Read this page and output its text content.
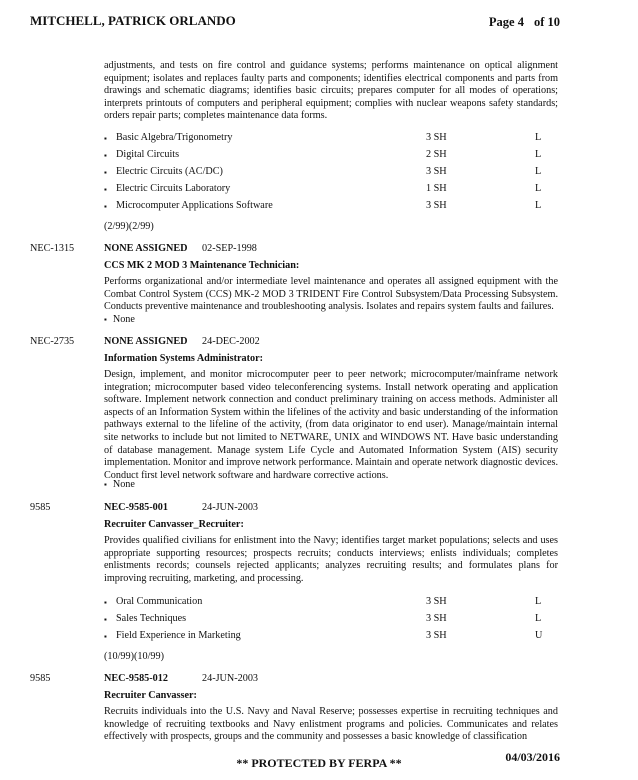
MITCHELL, PATRICK ORLANDO	Page 4 of 10

adjustments, and tests on fire control and guidance systems; performs maintenance on optical alignment equipment; isolates and replaces faulty parts and components; identifies electrical components and parts from drawings and schematic diagrams; identifies basic circuits; prepares computer for all modes of operations; interprets printouts of computers and peripheral equipment; complies with nuclear weapons safety standards; orders repair parts; completes maintenance data forms.

▪ Basic Algebra/Trigonometry	3 SH	L
▪ Digital Circuits	2 SH	L
▪ Electric Circuits (AC/DC)	3 SH	L
▪ Electric Circuits Laboratory	1 SH	L
▪ Microcomputer Applications Software	3 SH	L
(2/99)(2/99)
NEC-1315	NONE ASSIGNED 02-SEP-1998
CCS MK 2 MOD 3 Maintenance Technician:

Performs organizational and/or intermediate level maintenance and operates all assigned equipment with the Combat Control System (CCS) MK-2 MOD 3 TRIDENT Fire Control Subsystem/Data Processing Subsystem. Conducts preventive maintenance and troubleshooting analysis. Isolates and repairs system faults and failures.

▪ None
NEC-2735	NONE ASSIGNED 24-DEC-2002
Information Systems Administrator:

Design, implement, and monitor microcomputer peer to peer network; microcomputer/mainframe network integration; microcomputer based video teleconferencing systems. Install network operating and application software. Implement network connection and conduct preliminary training on access methods. Administer all aspects of an Information System within the lifelines of the activity and basic understanding of the information pathways external to the lifeline of the activity, (from data originator to end user). Manage/maintain internal site networks to include but not limited to NETWARE, UNIX and WINDOWS NT. Have basic understanding of database management. Manage system Life Cycle and Automated Information System (AIS) security implementation. Monitor and improve network performance. Maintain and operate network diagnostic devices. Conduct first level network software and hardware corrective actions.

▪ None
9585	NEC-9585-001	24-JUN-2003
Recruiter Canvasser_Recruiter:

Provides qualified civilians for enlistment into the Navy; identifies target market populations; selects and uses appropriate supporting resources; prospects recruits; conducts interviews; enlists individuals; completes enlistments records; counsels rejected applicants; analyzes recruiting results; and formulates plans for improving recruiting, marketing, and processing.

▪ Oral Communication	3 SH	L
▪ Sales Techniques	3 SH	L
▪ Field Experience in Marketing	3 SH	U
(10/99)(10/99)
9585	NEC-9585-012	24-JUN-2003
Recruiter Canvasser:

Recruits individuals into the U.S. Navy and Naval Reserve; possesses expertise in recruiting techniques and knowledge of recruiting textbooks and Navy enlistment programs and policies. Communicates and relates effectively with prospects, groups and the community and possesses a basic knowledge of classification

04/03/2016
** PROTECTED BY FERPA **
